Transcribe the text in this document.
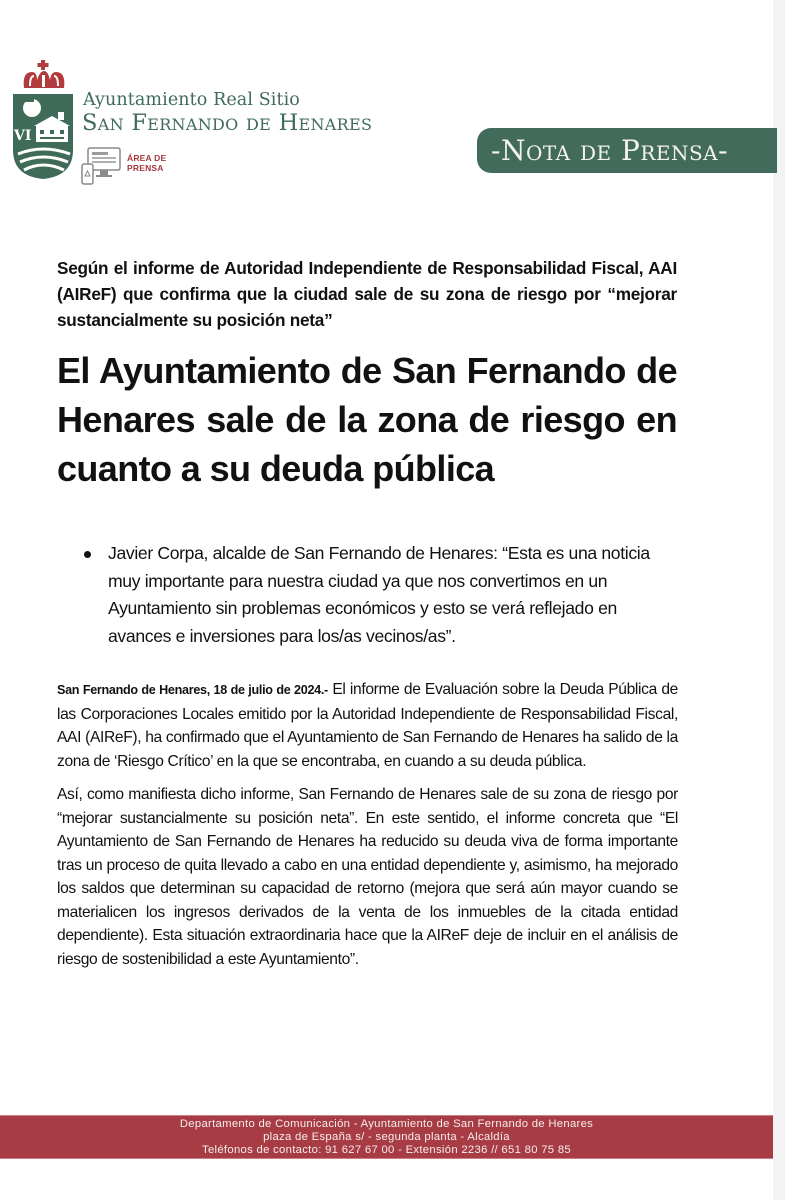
VI
Ayuntamiento Real Sitio
San Fernando de Henares
ÁREA DE
PRENSA
-Nota de Prensa-
Según el informe de Autoridad Independiente de Responsabilidad Fiscal, AAI (AIReF) que confirma que la ciudad sale de su zona de riesgo por “mejorar sustancialmente su posición neta”
El Ayuntamiento de San Fernando de Henares sale de la zona de riesgo en cuanto a su deuda pública
Javier Corpa, alcalde de San Fernando de Henares: “Esta es una noticia muy importante para nuestra ciudad ya que nos convertimos en un Ayuntamiento sin problemas económicos y esto se verá reflejado en avances e inversiones para los/as vecinos/as”.

San Fernando de Henares, 18 de julio de 2024.- El informe de Evaluación sobre la Deuda Pública de las Corporaciones Locales emitido por la Autoridad Independiente de Responsabilidad Fiscal, AAI (AIReF), ha confirmado que el Ayuntamiento de San Fernando de Henares ha salido de la zona de ‘Riesgo Crítico’ en la que se encontraba, en cuando a su deuda pública.

Así, como manifiesta dicho informe, San Fernando de Henares sale de su zona de riesgo por “mejorar sustancialmente su posición neta”. En este sentido, el informe concreta que “El Ayuntamiento de San Fernando de Henares ha reducido su deuda viva de forma importante tras un proceso de quita llevado a cabo en una entidad dependiente y, asimismo, ha mejorado los saldos que determinan su capacidad de retorno (mejora que será aún mayor cuando se materialicen los ingresos derivados de la venta de los inmuebles de la citada entidad dependiente). Esta situación extraordinaria hace que la AIReF deje de incluir en el análisis de riesgo de sostenibilidad a este Ayuntamiento”.

Departamento de Comunicación - Ayuntamiento de San Fernando de Henares
plaza de España s/ - segunda planta - Alcaldía
Teléfonos de contacto: 91 627 67 00 - Extensión 2236 // 651 80 75 85
